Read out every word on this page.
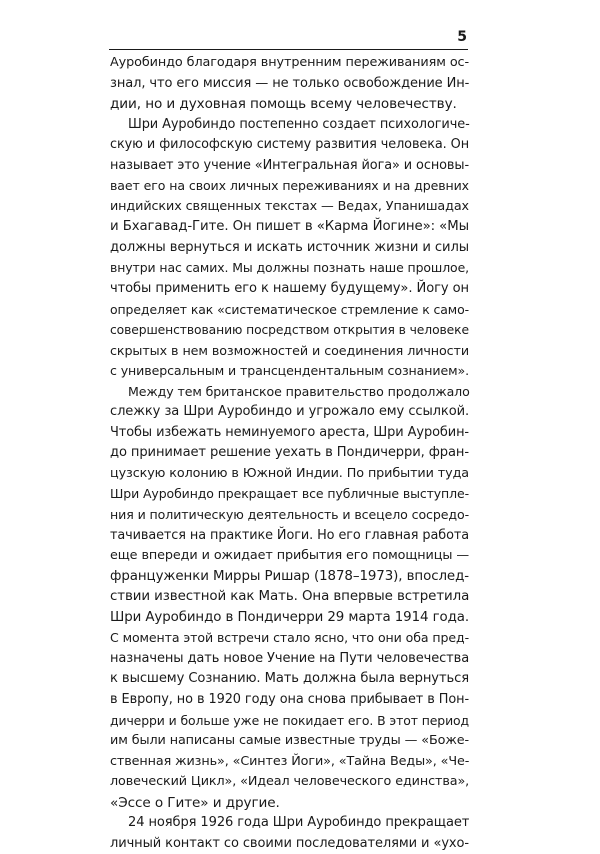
5
Ауробиндо благодаря внутренним переживаниям ос-
знал, что его миссия — не только освобождение Ин-
дии, но и духовная помощь всему человечеству.
Шри Ауробиндо постепенно создает психологиче-
скую и философскую систему развития человека. Он
называет это учение «Интегральная йога» и основы-
вает его на своих личных переживаниях и на древних
индийских священных текстах — Ведах, Упанишадах
и Бхагавад-Гите. Он пишет в «Карма Йогине»: «Мы
должны вернуться и искать источник жизни и силы
внутри нас самих. Мы должны познать наше прошлое,
чтобы применить его к нашему будущему». Йогу он
определяет как «систематическое стремление к само-
совершенствованию посредством открытия в человеке
скрытых в нем возможностей и соединения личности
с универсальным и трансцендентальным сознанием».
Между тем британское правительство продолжало
слежку за Шри Ауробиндо и угрожало ему ссылкой.
Чтобы избежать неминуемого ареста, Шри Ауробин-
до принимает решение уехать в Пондичерри, фран-
цузскую колонию в Южной Индии. По прибытии туда
Шри Ауробиндо прекращает все публичные выступле-
ния и политическую деятельность и всецело сосредо-
тачивается на практике Йоги. Но его главная работа
еще впереди и ожидает прибытия его помощницы —
француженки Мирры Ришар (1878–1973), впослед-
ствии известной как Мать. Она впервые встретила
Шри Ауробиндо в Пондичерри 29 марта 1914 года.
С момента этой встречи стало ясно, что они оба пред-
назначены дать новое Учение на Пути человечества
к высшему Сознанию. Мать должна была вернуться
в Европу, но в 1920 году она снова прибывает в Пон-
дичерри и больше уже не покидает его. В этот период
им были написаны самые известные труды — «Боже-
ственная жизнь», «Синтез Йоги», «Тайна Веды», «Че-
ловеческий Цикл», «Идеал человеческого единства»,
«Эссе о Гите» и другие.
24 ноября 1926 года Шри Ауробиндо прекращает
личный контакт со своими последователями и «ухо-
